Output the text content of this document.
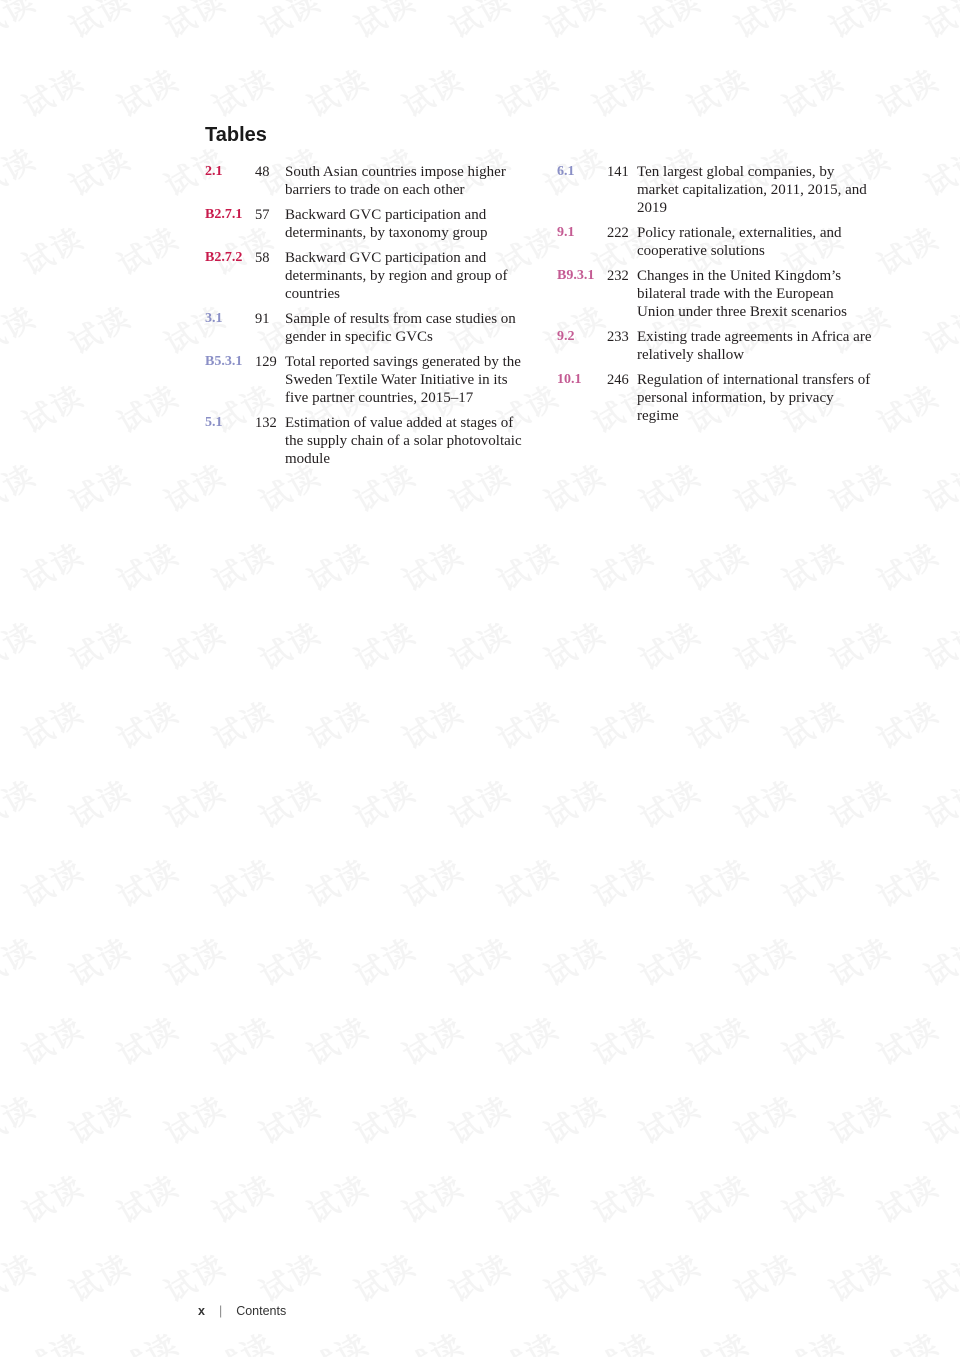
Tables
2.1	48	South Asian countries impose higher barriers to trade on each other
B2.7.1 57	Backward GVC participation and determinants, by taxonomy group
B2.7.2 58	Backward GVC participation and determinants, by region and group of countries
3.1	91	Sample of results from case studies on gender in specific GVCs
B5.3.1 129 Total reported savings generated by the Sweden Textile Water Initiative in its five partner countries, 2015–17
5.1	132 Estimation of value added at stages of the supply chain of a solar photovoltaic module
6.1	141 Ten largest global companies, by market capitalization, 2011, 2015, and 2019
9.1	222 Policy rationale, externalities, and cooperative solutions
B9.3.1 232 Changes in the United Kingdom’s bilateral trade with the European Union under three Brexit scenarios
9.2	233 Existing trade agreements in Africa are relatively shallow
10.1	246 Regulation of international transfers of personal information, by privacy regime
x | Contents
